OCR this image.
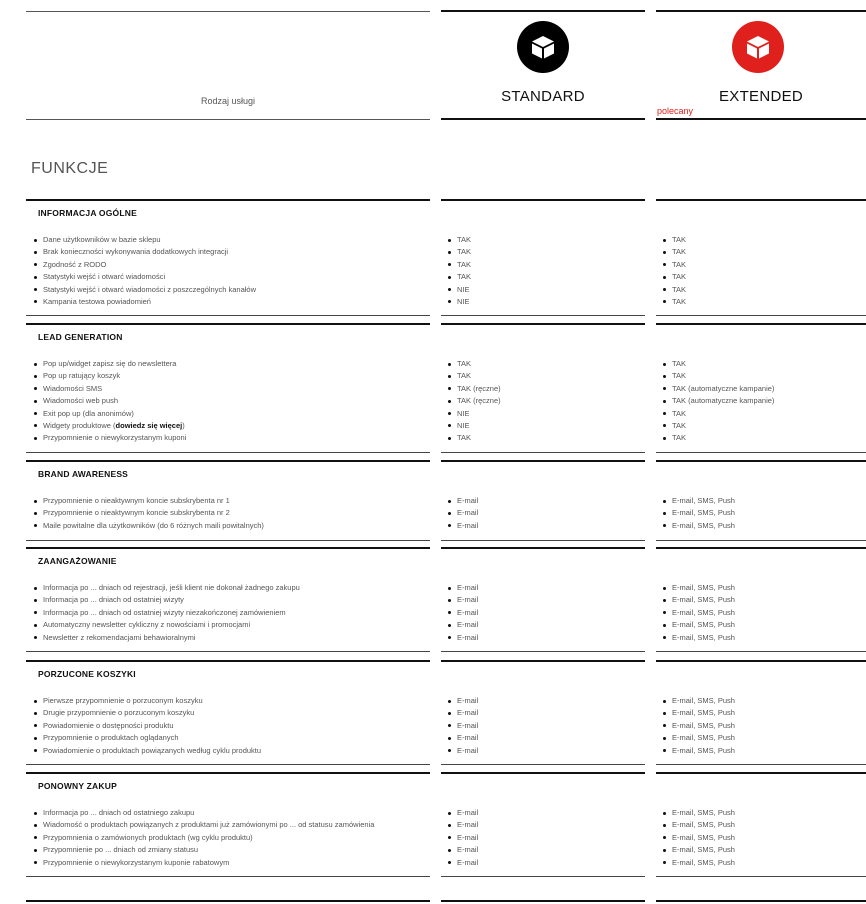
Rodzaj usługi	STANDARD	EXTENDED
polecany
FUNKCJE
INFORMACJA OGÓLNE
Dane użytkowników w bazie sklepu
Brak konieczności wykonywania dodatkowych integracji
Zgodność z RODO
Statystyki wejść i otwarć wiadomości
Statystyki wejść i otwarć wiadomości z poszczególnych kanałów
Kampania testowa powiadomień
TAK
TAK
TAK
TAK
NIE
NIE
TAK
TAK
TAK
TAK
TAK
TAK
LEAD GENERATION
Pop up/widget zapisz się do newslettera
Pop up ratujący koszyk
Wiadomości SMS
Wiadomości web push
Exit pop up (dla anonimów)
Widgety produktowe (dowiedz się więcej)
Przypomnienie o niewykorzystanym kuponi
TAK
TAK
TAK (ręczne)
TAK (ręczne)
NIE
NIE
TAK
TAK
TAK
TAK (automatyczne kampanie)
TAK (automatyczne kampanie)
TAK
TAK
TAK
BRAND AWARENESS
Przypomnienie o nieaktywnym koncie subskrybenta nr 1
Przypomnienie o nieaktywnym koncie subskrybenta nr 2
Maile powitalne dla użytkowników (do 6 różnych maili powitalnych)
E-mail
E-mail
E-mail
E-mail, SMS, Push
E-mail, SMS, Push
E-mail, SMS, Push
ZAANGAŻOWANIE
Informacja po ... dniach od rejestracji, jeśli klient nie dokonał żadnego zakupu
Informacja po ... dniach od ostatniej wizyty
Informacja po ... dniach od ostatniej wizyty niezakończonej zamówieniem
Automatyczny newsletter cykliczny z nowościami i promocjami
Newsletter z rekomendacjami behawioralnymi
E-mail
E-mail
E-mail
E-mail
E-mail
E-mail, SMS, Push
E-mail, SMS, Push
E-mail, SMS, Push
E-mail, SMS, Push
E-mail, SMS, Push
PORZUCONE KOSZYKI
Pierwsze przypomnienie o porzuconym koszyku
Drugie przypomnienie o porzuconym koszyku
Powiadomienie o dostępności produktu
Przypomnienie o produktach oglądanych
Powiadomienie o produktach powiązanych według cyklu produktu
E-mail
E-mail
E-mail
E-mail
E-mail
E-mail, SMS, Push
E-mail, SMS, Push
E-mail, SMS, Push
E-mail, SMS, Push
E-mail, SMS, Push
PONOWNY ZAKUP
Informacja po ... dniach od ostatniego zakupu
Wiadomość o produktach powiązanych z produktami już zamówionymi po ... od statusu zamówienia
Przypomnienia o zamówionych produktach (wg cyklu produktu)
Przypomnienie po ... dniach od zmiany statusu
Przypomnienie o niewykorzystanym kuponie rabatowym
E-mail
E-mail
E-mail
E-mail
E-mail
E-mail, SMS, Push
E-mail, SMS, Push
E-mail, SMS, Push
E-mail, SMS, Push
E-mail, SMS, Push
